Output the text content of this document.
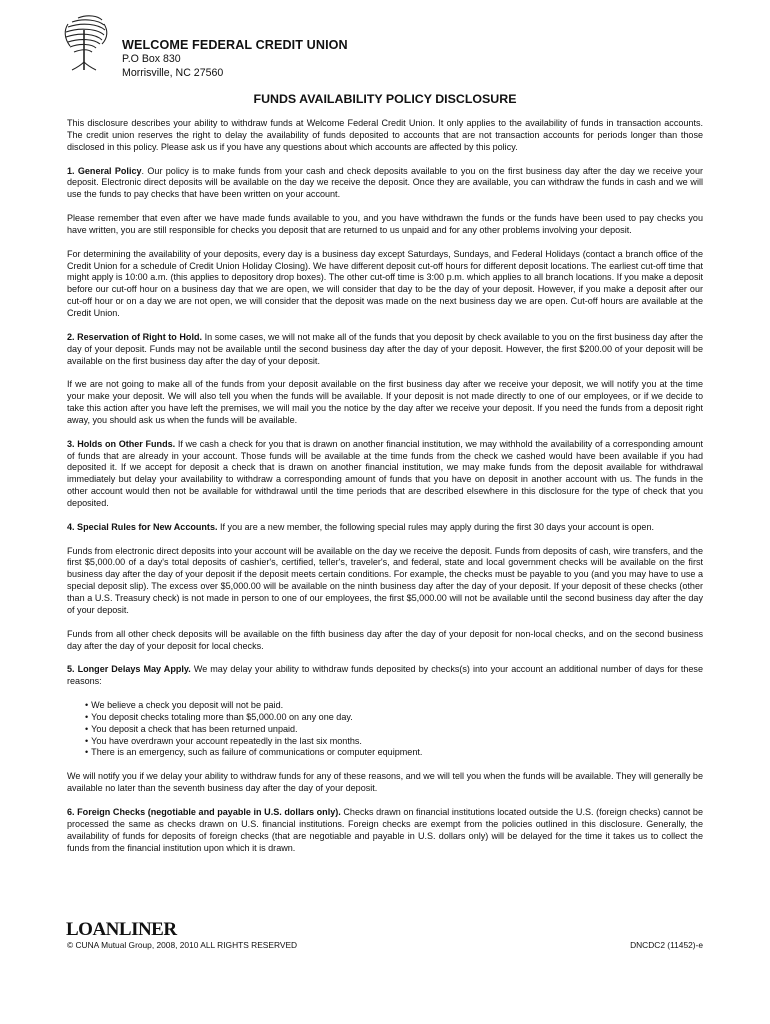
WELCOME FEDERAL CREDIT UNION

P.O Box 830

Morrisville, NC 27560

FUNDS AVAILABILITY POLICY DISCLOSURE

This disclosure describes your ability to withdraw funds at Welcome Federal Credit Union. It only applies to the availability of funds in transaction accounts. The credit union reserves the right to delay the availability of funds deposited to accounts that are not transaction accounts for periods longer than those disclosed in this policy. Please ask us if you have any questions about which accounts are affected by this policy.

1. General Policy. Our policy is to make funds from your cash and check deposits available to you on the first business day after the day we receive your deposit. Electronic direct deposits will be available on the day we receive the deposit. Once they are available, you can withdraw the funds in cash and we will use the funds to pay checks that have been written on your account.

Please remember that even after we have made funds available to you, and you have withdrawn the funds or the funds have been used to pay checks you have written, you are still responsible for checks you deposit that are returned to us unpaid and for any other problems involving your deposit.

For determining the availability of your deposits, every day is a business day except Saturdays, Sundays, and Federal Holidays (contact a branch office of the Credit Union for a schedule of Credit Union Holiday Closing). We have different deposit cut-off hours for different deposit locations. The earliest cut-off time that might apply is 10:00 a.m. (this applies to depository drop boxes). The other cut-off time is 3:00 p.m. which applies to all branch locations. If you make a deposit before our cut-off hour on a business day that we are open, we will consider that day to be the day of your deposit. However, if you make a deposit after our cut-off hour or on a day we are not open, we will consider that the deposit was made on the next business day we are open. Cut-off hours are available at the Credit Union.

2. Reservation of Right to Hold. In some cases, we will not make all of the funds that you deposit by check available to you on the first business day after the day of your deposit. Funds may not be available until the second business day after the day of your deposit. However, the first $200.00 of your deposit will be available on the first business day after the day of your deposit.

If we are not going to make all of the funds from your deposit available on the first business day after we receive your deposit, we will notify you at the time your make your deposit. We will also tell you when the funds will be available. If your deposit is not made directly to one of our employees, or if we decide to take this action after you have left the premises, we will mail you the notice by the day after we receive your deposit. If you need the funds from a deposit right away, you should ask us when the funds will be available.

3. Holds on Other Funds. If we cash a check for you that is drawn on another financial institution, we may withhold the availability of a corresponding amount of funds that are already in your account. Those funds will be available at the time funds from the check we cashed would have been available if you had deposited it. If we accept for deposit a check that is drawn on another financial institution, we may make funds from the deposit available for withdrawal immediately but delay your availability to withdraw a corresponding amount of funds that you have on deposit in another account with us. The funds in the other account would then not be available for withdrawal until the time periods that are described elsewhere in this disclosure for the type of check that you deposited.

4. Special Rules for New Accounts. If you are a new member, the following special rules may apply during the first 30 days your account is open.

Funds from electronic direct deposits into your account will be available on the day we receive the deposit. Funds from deposits of cash, wire transfers, and the first $5,000.00 of a day's total deposits of cashier's, certified, teller's, traveler's, and federal, state and local government checks will be available on the first business day after the day of your deposit if the deposit meets certain conditions. For example, the checks must be payable to you (and you may have to use a special deposit slip). The excess over $5,000.00 will be available on the ninth business day after the day of your deposit. If your deposit of these checks (other than a U.S. Treasury check) is not made in person to one of our employees, the first $5,000.00 will not be available until the second business day after the day of your deposit.

Funds from all other check deposits will be available on the fifth business day after the day of your deposit for non-local checks, and on the second business day after the day of your deposit for local checks.

5. Longer Delays May Apply. We may delay your ability to withdraw funds deposited by checks(s) into your account an additional number of days for these reasons:

• We believe a check you deposit will not be paid.
• You deposit checks totaling more than $5,000.00 on any one day.
• You deposit a check that has been returned unpaid.
• You have overdrawn your account repeatedly in the last six months.
• There is an emergency, such as failure of communications or computer equipment.

We will notify you if we delay your ability to withdraw funds for any of these reasons, and we will tell you when the funds will be available. They will generally be available no later than the seventh business day after the day of your deposit.

6. Foreign Checks (negotiable and payable in U.S. dollars only). Checks drawn on financial institutions located outside the U.S. (foreign checks) cannot be processed the same as checks drawn on U.S. financial institutions. Foreign checks are exempt from the policies outlined in this disclosure. Generally, the availability of funds for deposits of foreign checks (that are negotiable and payable in U.S. dollars only) will be delayed for the time it takes us to collect the funds from the financial institution upon which it is drawn.

LOANLINER
© CUNA Mutual Group, 2008, 2010 ALL RIGHTS RESERVED	DNCDC2 (11452)-e
